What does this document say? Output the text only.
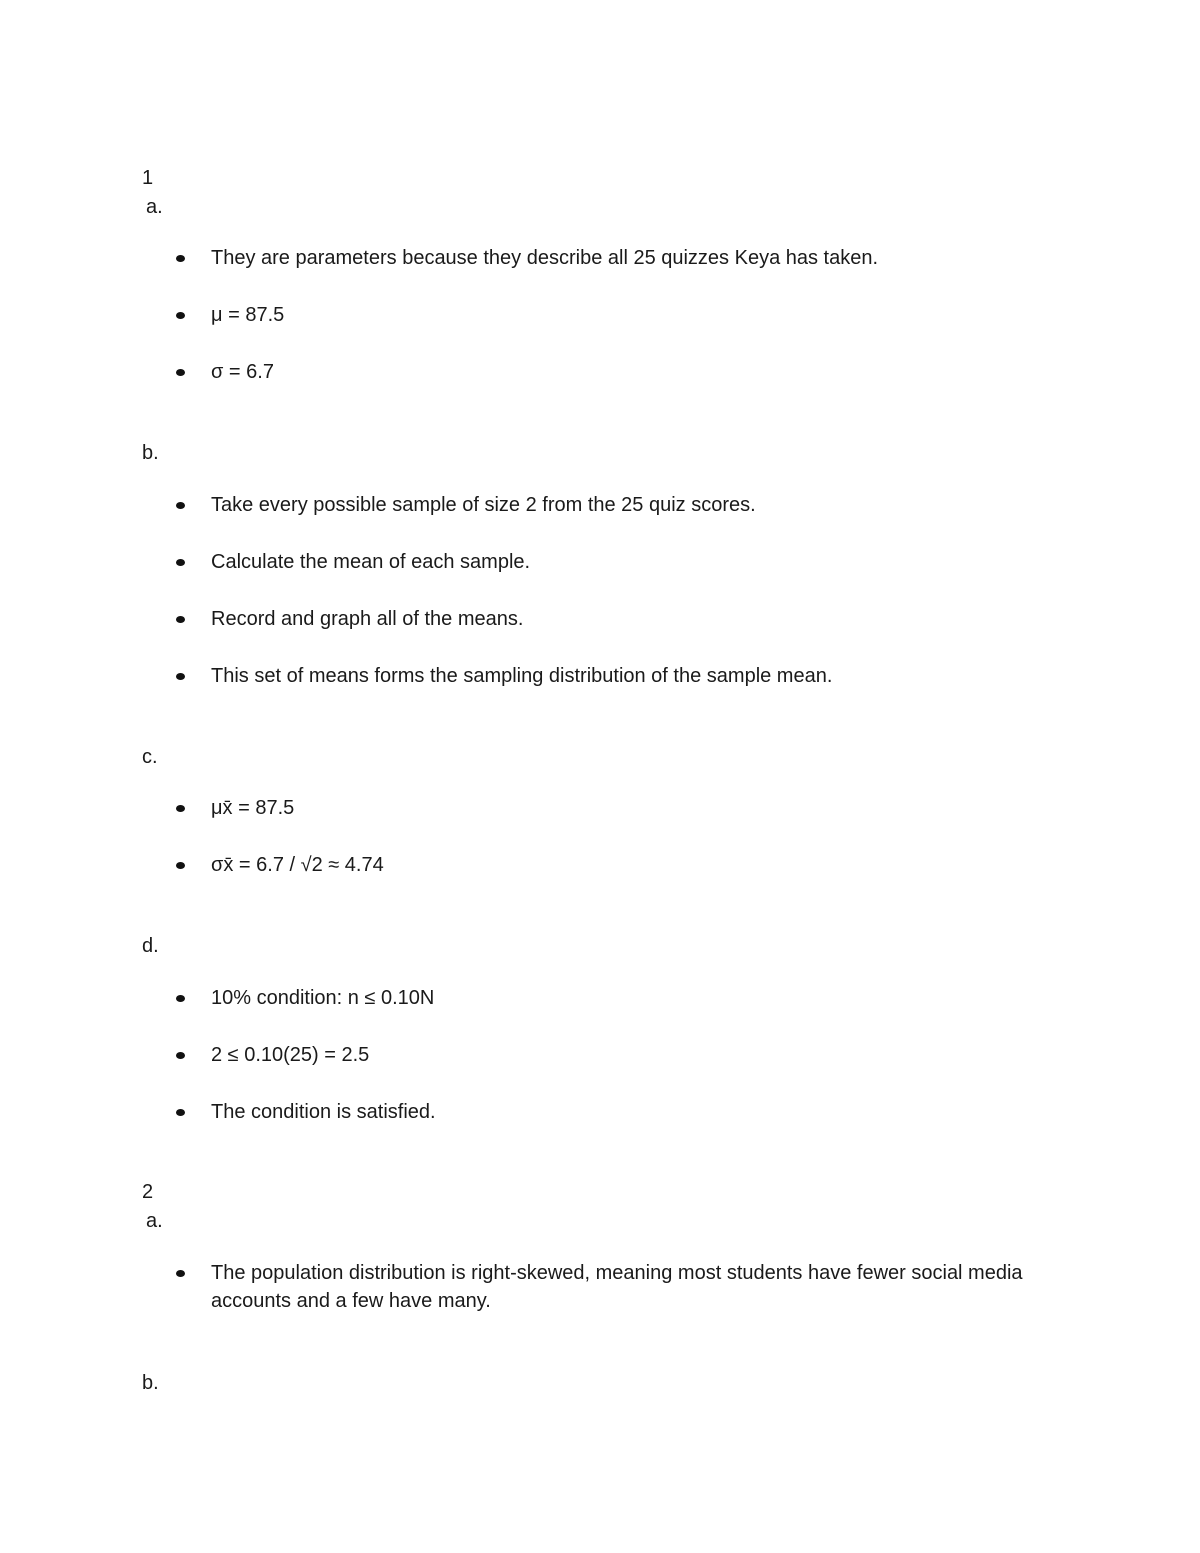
1
a.
They are parameters because they describe all 25 quizzes Keya has taken.
μ = 87.5
σ = 6.7
b.
Take every possible sample of size 2 from the 25 quiz scores.
Calculate the mean of each sample.
Record and graph all of the means.
This set of means forms the sampling distribution of the sample mean.
c.
μx̄ = 87.5
σx̄ = 6.7 / √2 ≈ 4.74
d.
10% condition: n ≤ 0.10N
2 ≤ 0.10(25) = 2.5
The condition is satisfied.
2
a.
The population distribution is right-skewed, meaning most students have fewer social media accounts and a few have many.
b.
